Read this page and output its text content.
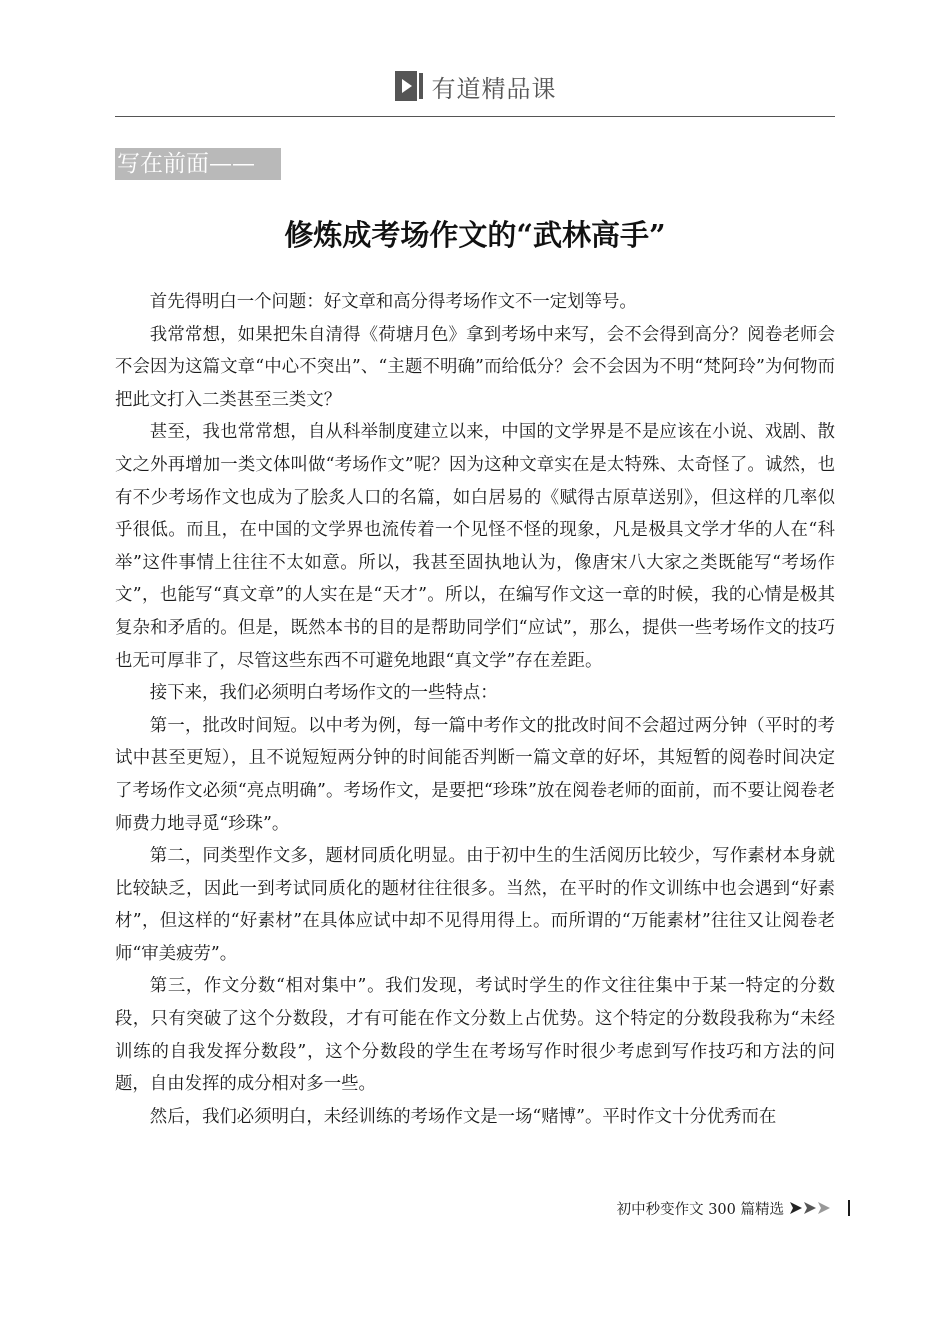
有道精品课
写在前面——
修炼成考场作文的“武林高手”

首先得明白一个问题：好文章和高分得考场作文不一定划等号。

我常常想，如果把朱自清得《荷塘月色》拿到考场中来写，会不会得到高分？阅卷老师会不会因为这篇文章“中心不突出”、“主题不明确”而给低分？会不会因为不明“梵阿玲”为何物而把此文打入二类甚至三类文？

甚至，我也常常想，自从科举制度建立以来，中国的文学界是不是应该在小说、戏剧、散文之外再增加一类文体叫做“考场作文”呢？因为这种文章实在是太特殊、太奇怪了。诚然，也有不少考场作文也成为了脍炙人口的名篇，如白居易的《赋得古原草送别》，但这样的几率似乎很低。而且，在中国的文学界也流传着一个见怪不怪的现象，凡是极具文学才华的人在“科举”这件事情上往往不太如意。所以，我甚至固执地认为，像唐宋八大家之类既能写“考场作文”，也能写“真文章”的人实在是“天才”。所以，在编写作文这一章的时候，我的心情是极其复杂和矛盾的。但是，既然本书的目的是帮助同学们“应试”，那么，提供一些考场作文的技巧也无可厚非了，尽管这些东西不可避免地跟“真文学”存在差距。

接下来，我们必须明白考场作文的一些特点：

第一，批改时间短。以中考为例，每一篇中考作文的批改时间不会超过两分钟（平时的考试中甚至更短），且不说短短两分钟的时间能否判断一篇文章的好坏，其短暂的阅卷时间决定了考场作文必须“亮点明确”。考场作文，是要把“珍珠”放在阅卷老师的面前，而不要让阅卷老师费力地寻觅“珍珠”。

第二，同类型作文多，题材同质化明显。由于初中生的生活阅历比较少，写作素材本身就比较缺乏，因此一到考试同质化的题材往往很多。当然，在平时的作文训练中也会遇到“好素材”，但这样的“好素材”在具体应试中却不见得用得上。而所谓的“万能素材”往往又让阅卷老师“审美疲劳”。

第三，作文分数“相对集中”。我们发现，考试时学生的作文往往集中于某一特定的分数段，只有突破了这个分数段，才有可能在作文分数上占优势。这个特定的分数段我称为“未经训练的自我发挥分数段”，这个分数段的学生在考场写作时很少考虑到写作技巧和方法的问题，自由发挥的成分相对多一些。

然后，我们必须明白，未经训练的考场作文是一场“赌博”。平时作文十分优秀而在

初中秒变作文 300 篇精选
